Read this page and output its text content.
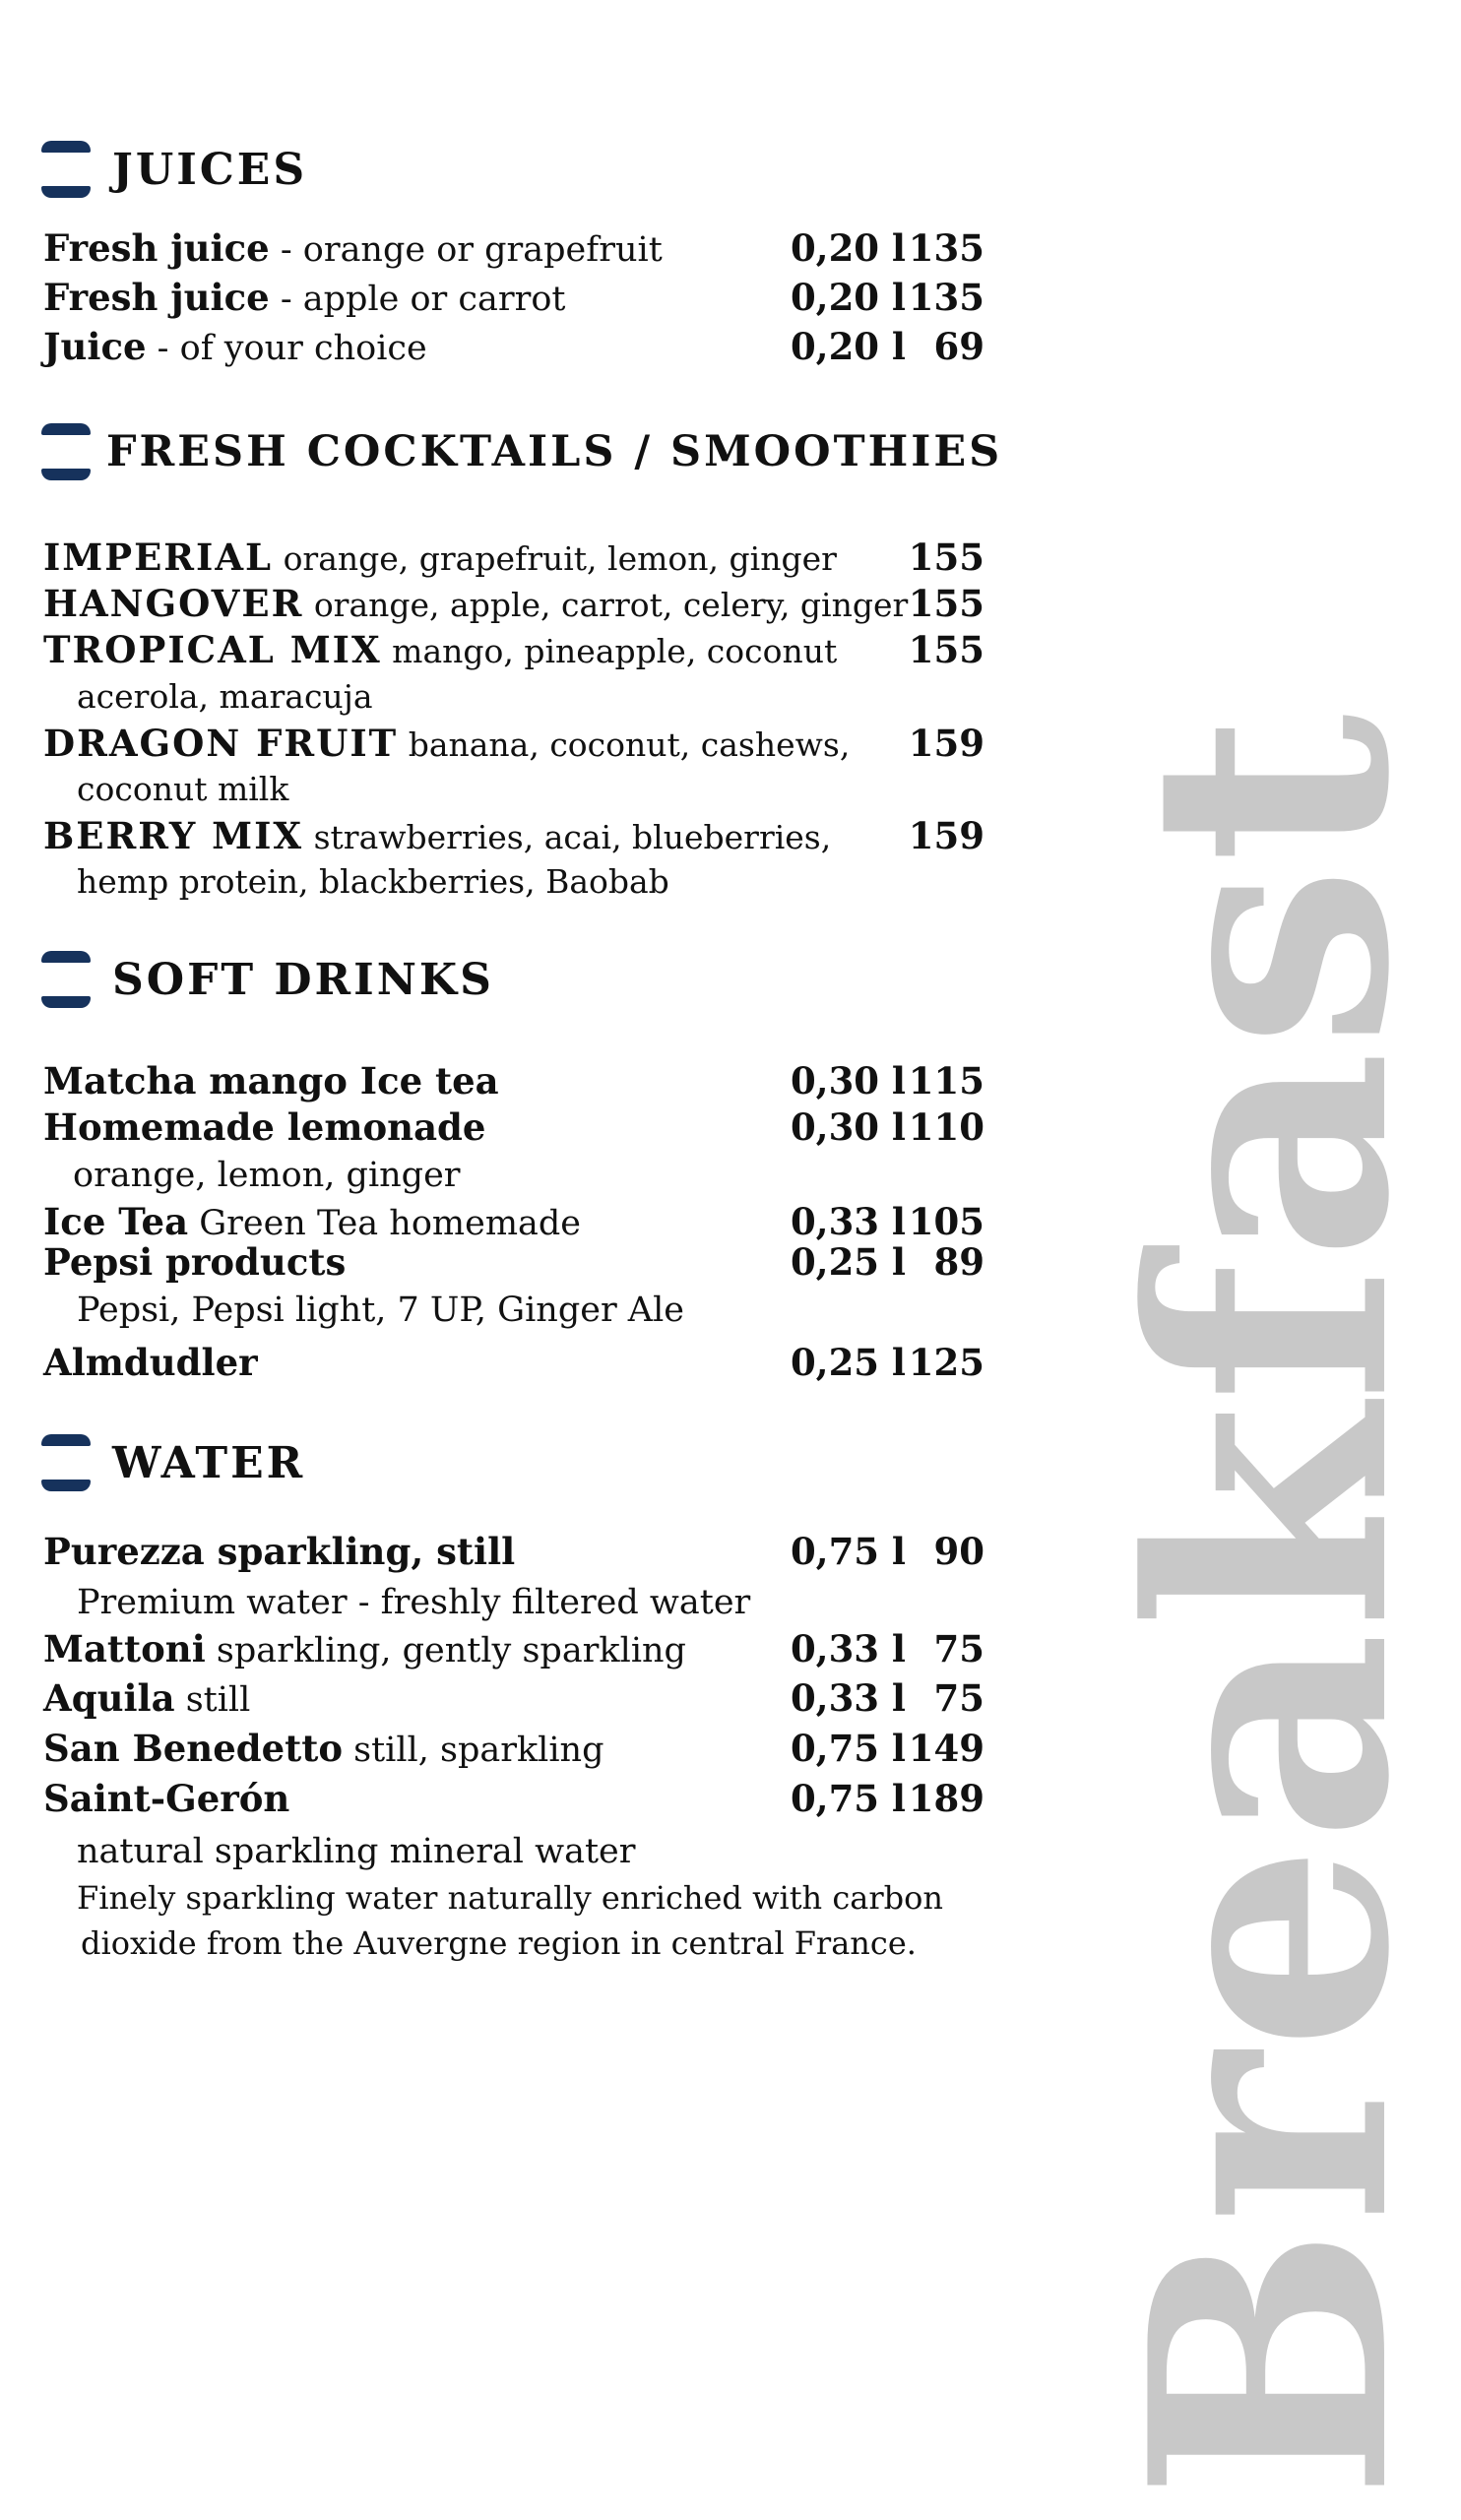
Breakfast
JUICES
Fresh juice - orange or grapefruit	0,20 l 135
Fresh juice - apple or carrot	0,20 l 135
Juice - of your choice	0,20 l 69
FRESH COCKTAILS / SMOOTHIES
IMPERIAL orange, grapefruit, lemon, ginger 155
HANGOVER orange, apple, carrot, celery, ginger 155
TROPICAL MIX mango, pineapple, coconut 155
acerola, maracuja
DRAGON FRUIT banana, coconut, cashews, 159
coconut milk
BERRY MIX strawberries, acai, blueberries, 159
hemp protein, blackberries, Baobab
SOFT DRINKS
Matcha mango Ice tea	0,30 l 115
Homemade lemonade	0,30 l 110
orange, lemon, ginger
Ice Tea Green Tea homemade	0,33 l 105
Pepsi products	0,25 l 89
Pepsi, Pepsi light, 7 UP, Ginger Ale
Almdudler	0,25 l 125
WATER
Purezza sparkling, still	0,75 l 90
Premium water - freshly filtered water
Mattoni sparkling, gently sparkling	0,33 l 75
Aquila still	0,33 l 75
San Benedetto still, sparkling	0,75 l 149
Saint-Gerón	0,75 l 189
natural sparkling mineral water
Finely sparkling water naturally enriched with carbon
dioxide from the Auvergne region in central France.
